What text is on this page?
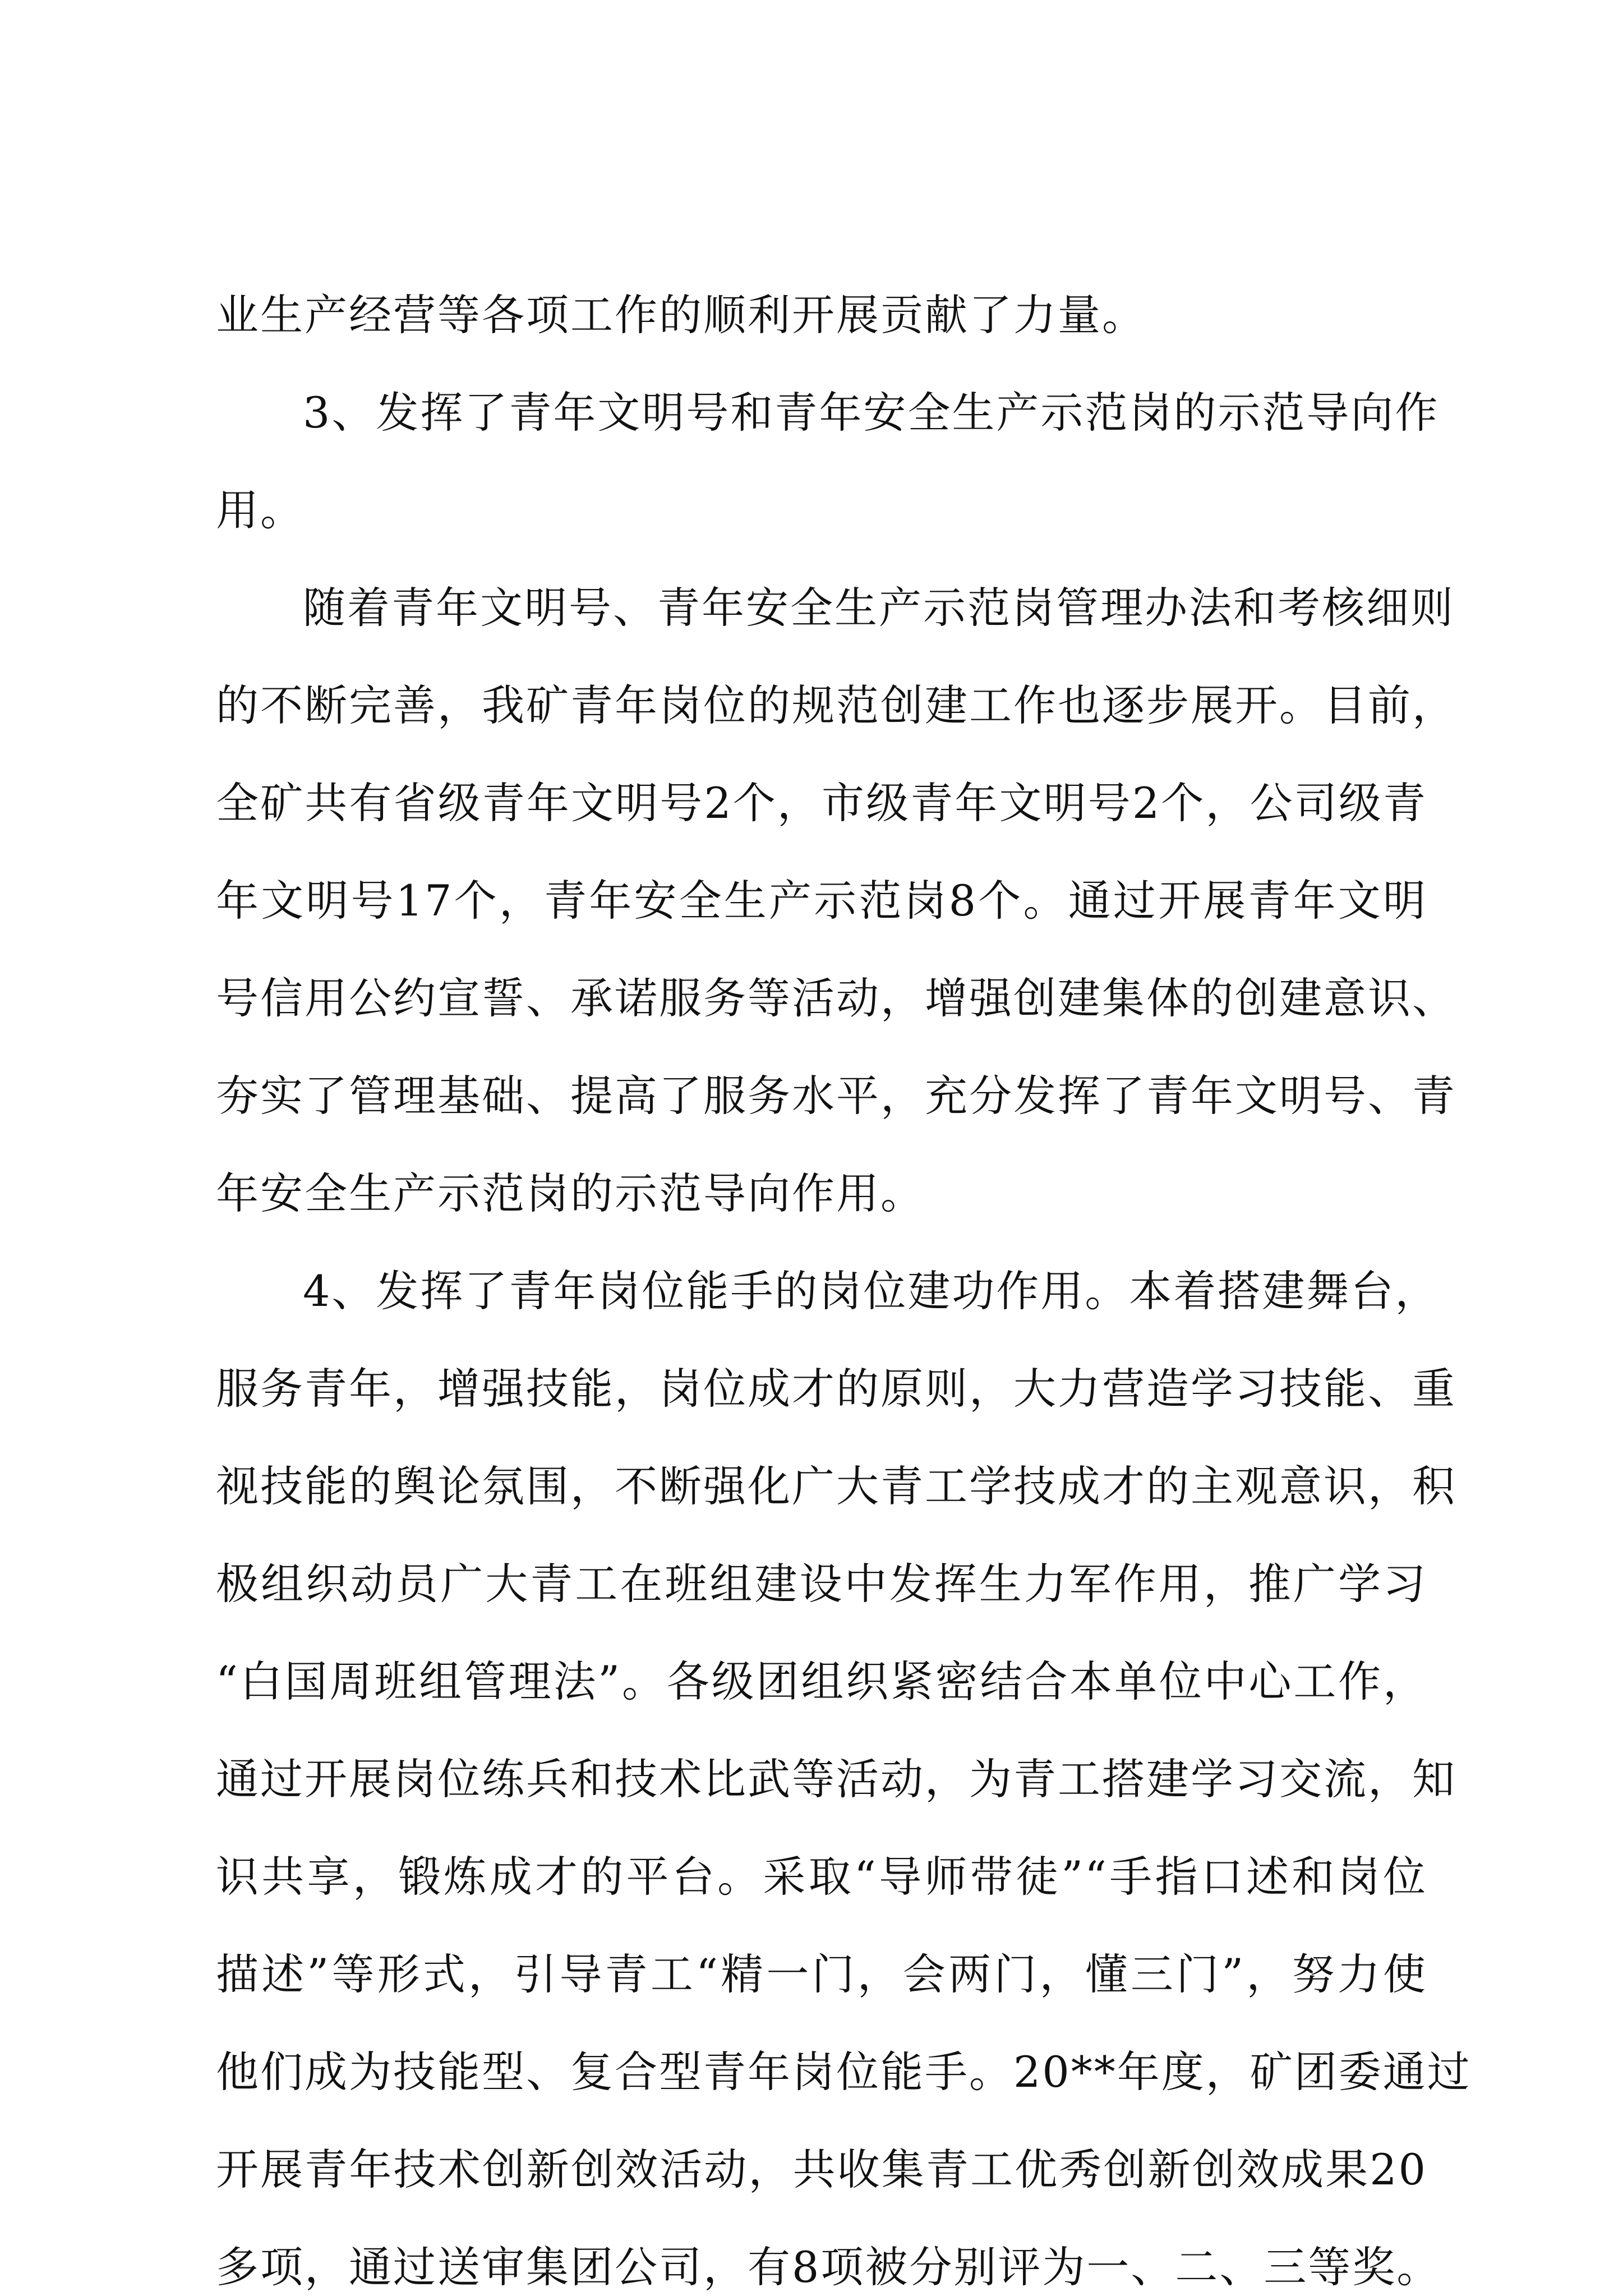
业生产经营等各项工作的顺利开展贡献了力量。
3、发挥了青年文明号和青年安全生产示范岗的示范导向作
用。
随着青年文明号、青年安全生产示范岗管理办法和考核细则
的不断完善，我矿青年岗位的规范创建工作也逐步展开。目前，
全矿共有省级青年文明号2个，市级青年文明号2个，公司级青
年文明号17个，青年安全生产示范岗8个。通过开展青年文明
号信用公约宣誓、承诺服务等活动，增强创建集体的创建意识、
夯实了管理基础、提高了服务水平，充分发挥了青年文明号、青
年安全生产示范岗的示范导向作用。
4、发挥了青年岗位能手的岗位建功作用。本着搭建舞台，
服务青年，增强技能，岗位成才的原则，大力营造学习技能、重
视技能的舆论氛围，不断强化广大青工学技成才的主观意识，积
极组织动员广大青工在班组建设中发挥生力军作用，推广学习
“白国周班组管理法”。各级团组织紧密结合本单位中心工作，
通过开展岗位练兵和技术比武等活动，为青工搭建学习交流，知
识共享，锻炼成才的平台。采取“导师带徒”“手指口述和岗位
描述”等形式，引导青工“精一门，会两门，懂三门”，努力使
他们成为技能型、复合型青年岗位能手。20**年度，矿团委通过
开展青年技术创新创效活动，共收集青工优秀创新创效成果20
多项，通过送审集团公司，有8项被分别评为一、二、三等奖。
